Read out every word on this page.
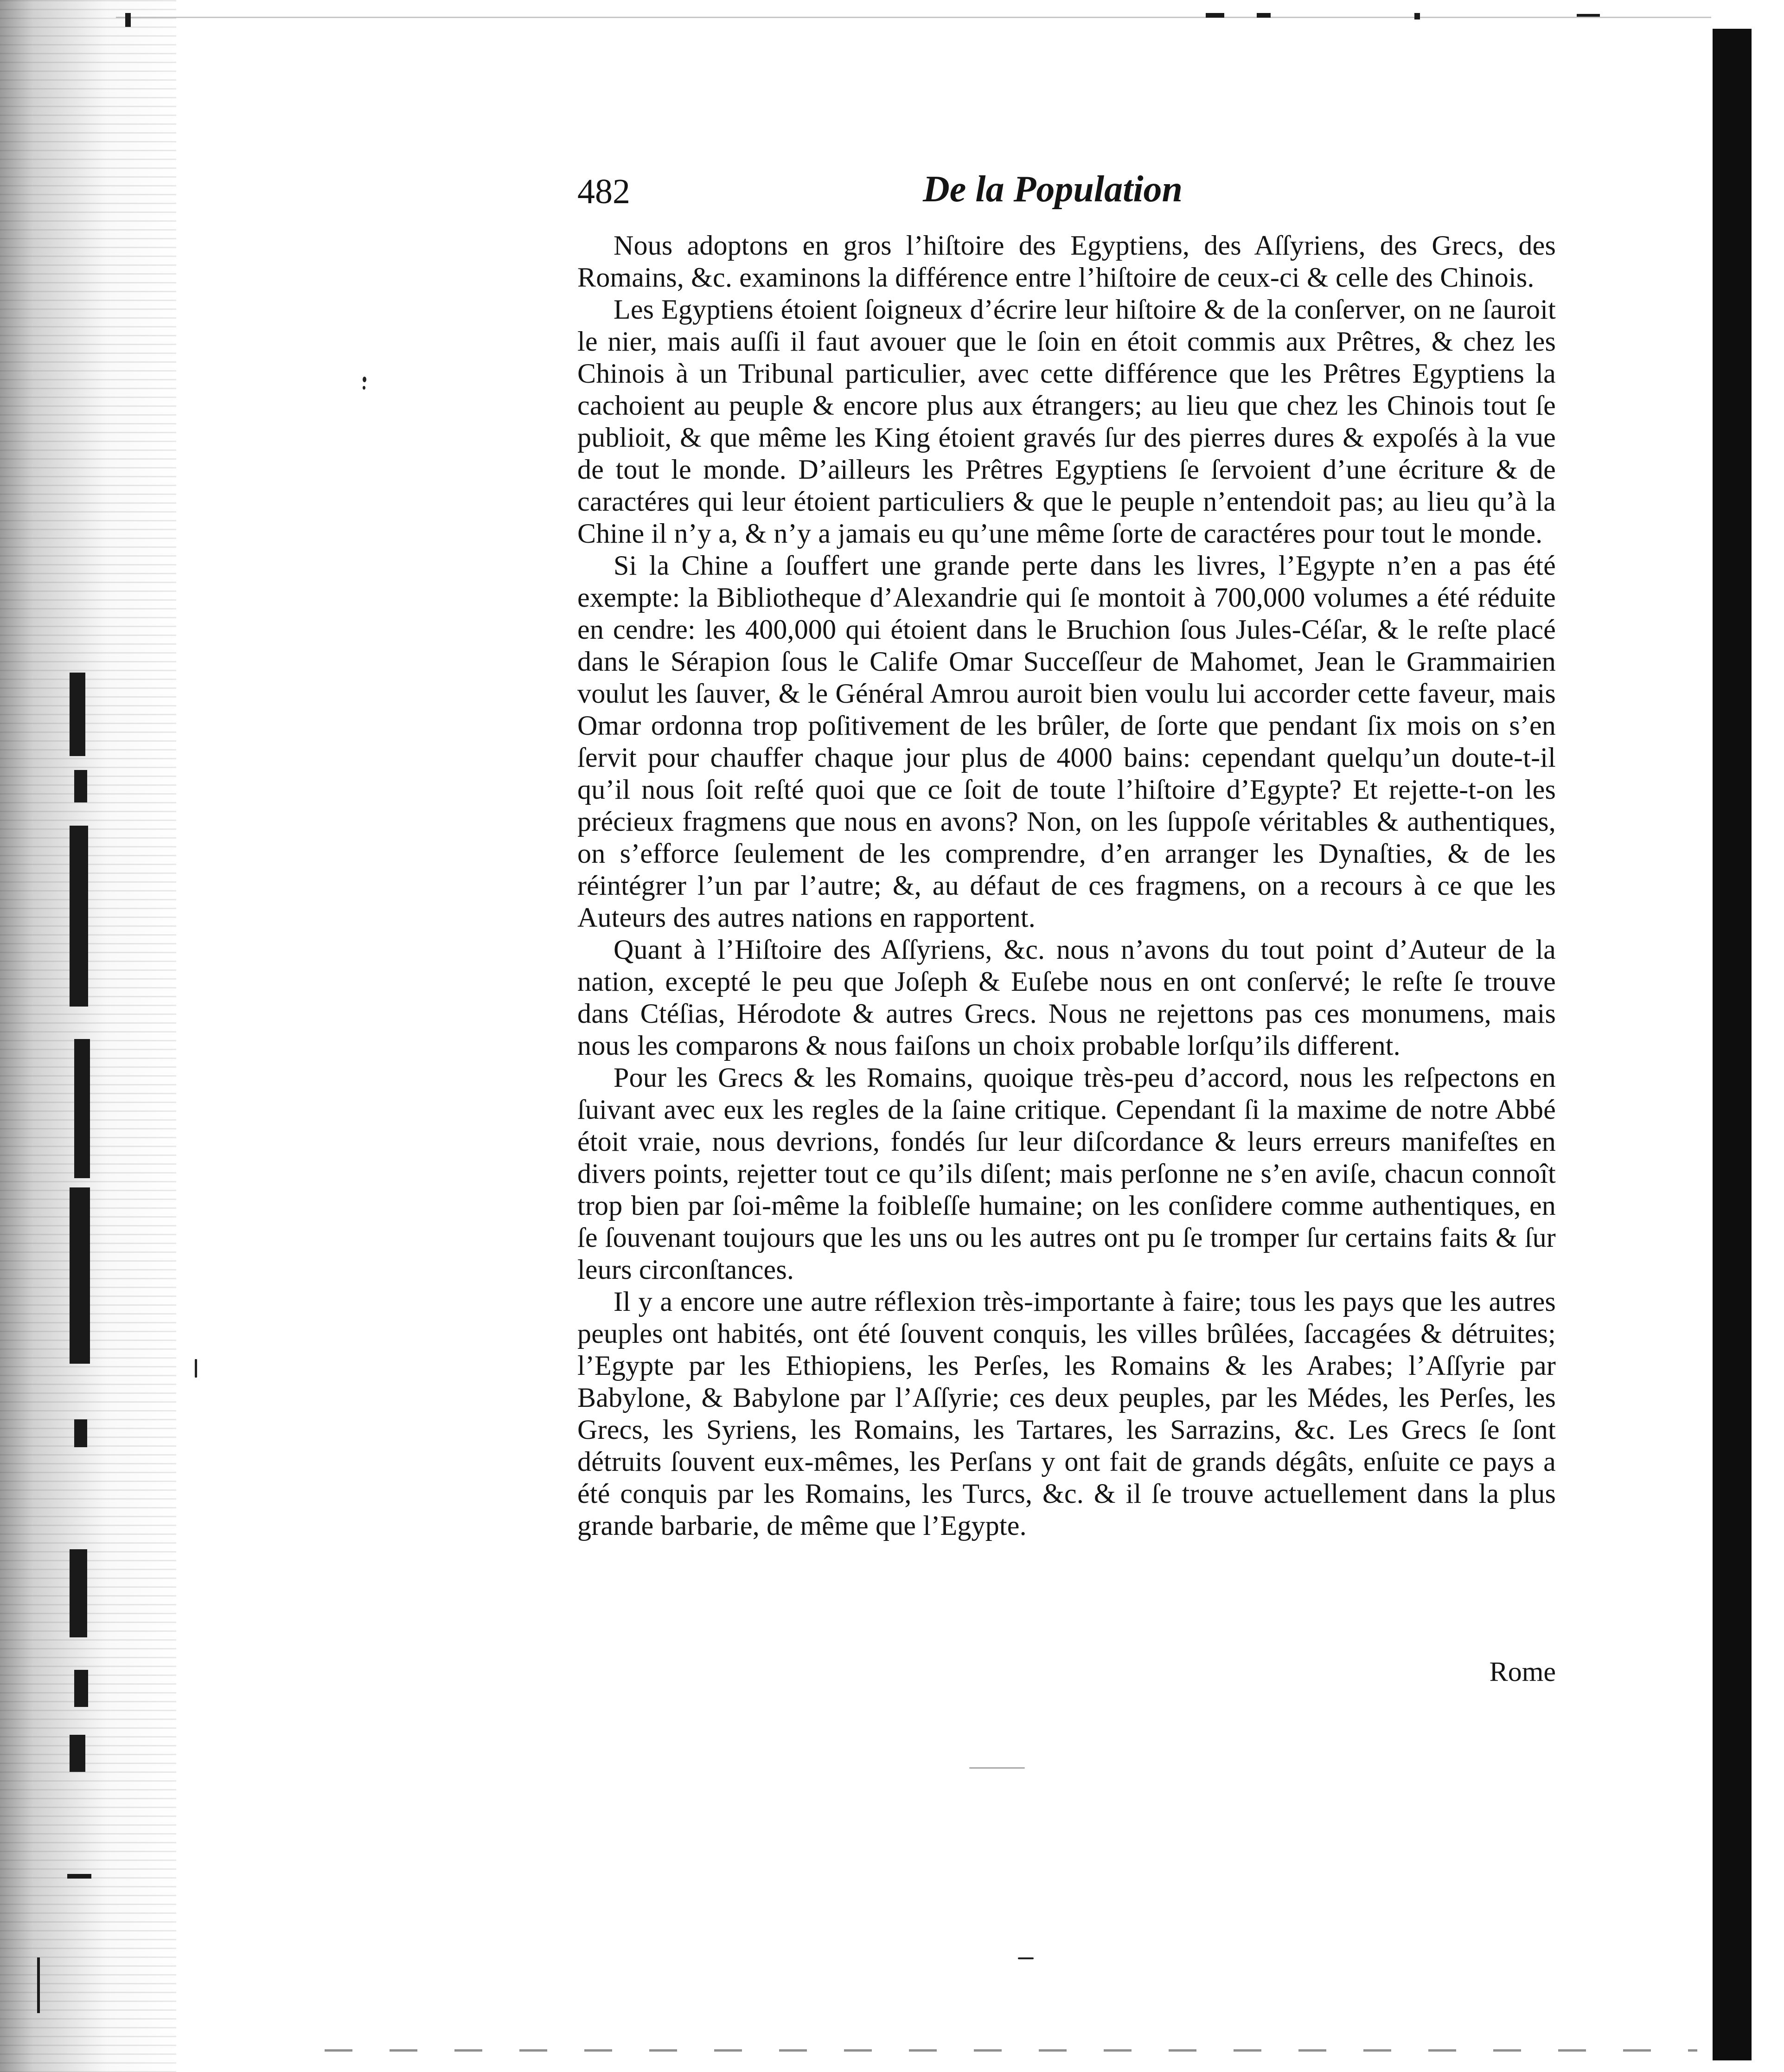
482	De la Population

Nous adoptons en gros l’hiſtoire des Egyptiens, des Aſſyriens, des Grecs, des Romains, &c. examinons la différence entre l’hiſtoire de ceux-ci & celle des Chinois.

Les Egyptiens étoient ſoigneux d’écrire leur hiſtoire & de la conſerver, on ne ſauroit le nier, mais auſſi il faut avouer que le ſoin en étoit commis aux Prêtres, & chez les Chinois à un Tribunal particulier, avec cette différence que les Prêtres Egyptiens la cachoient au peuple & encore plus aux étrangers; au lieu que chez les Chinois tout ſe publioit, & que même les King étoient gravés ſur des pierres dures & expoſés à la vue de tout le monde. D’ailleurs les Prêtres Egyptiens ſe ſervoient d’une écriture & de caractéres qui leur étoient particuliers & que le peuple n’entendoit pas; au lieu qu’à la Chine il n’y a, & n’y a jamais eu qu’une même ſorte de caractéres pour tout le monde.

Si la Chine a ſouffert une grande perte dans les livres, l’Egypte n’en a pas été exempte: la Bibliotheque d’Alexandrie qui ſe montoit à 700,000 volumes a été réduite en cendre: les 400,000 qui étoient dans le Bruchion ſous Jules-Céſar, & le reſte placé dans le Sérapion ſous le Calife Omar Succeſſeur de Mahomet, Jean le Grammairien voulut les ſauver, & le Général Amrou auroit bien voulu lui accorder cette faveur, mais Omar ordonna trop poſitivement de les brûler, de ſorte que pendant ſix mois on s’en ſervit pour chauffer chaque jour plus de 4000 bains: cependant quelqu’un doute-t-il qu’il nous ſoit reſté quoi que ce ſoit de toute l’hiſtoire d’Egypte? Et rejette-t-on les précieux fragmens que nous en avons? Non, on les ſuppoſe véritables & authentiques, on s’efforce ſeulement de les comprendre, d’en arranger les Dynaſties, & de les réintégrer l’un par l’autre; &, au défaut de ces fragmens, on a recours à ce que les Auteurs des autres nations en rapportent.

Quant à l’Hiſtoire des Aſſyriens, &c. nous n’avons du tout point d’Auteur de la nation, excepté le peu que Joſeph & Euſebe nous en ont conſervé; le reſte ſe trouve dans Ctéſias, Hérodote & autres Grecs. Nous ne rejettons pas ces monumens, mais nous les comparons & nous faiſons un choix probable lorſqu’ils different.

Pour les Grecs & les Romains, quoique très-peu d’accord, nous les reſpectons en ſuivant avec eux les regles de la ſaine critique. Cependant ſi la maxime de notre Abbé étoit vraie, nous devrions, fondés ſur leur diſcordance & leurs erreurs manifeſtes en divers points, rejetter tout ce qu’ils diſent; mais perſonne ne s’en aviſe, chacun connoît trop bien par ſoi-même la foibleſſe humaine; on les conſidere comme authentiques, en ſe ſouvenant toujours que les uns ou les autres ont pu ſe tromper ſur certains faits & ſur leurs circonſtances.

Il y a encore une autre réflexion très-importante à faire; tous les pays que les autres peuples ont habités, ont été ſouvent conquis, les villes brûlées, ſaccagées & détruites; l’Egypte par les Ethiopiens, les Perſes, les Romains & les Arabes; l’Aſſyrie par Babylone, & Babylone par l’Aſſyrie; ces deux peuples, par les Médes, les Perſes, les Grecs, les Syriens, les Romains, les Tartares, les Sarrazins, &c. Les Grecs ſe ſont détruits ſouvent eux-mêmes, les Perſans y ont fait de grands dégâts, enſuite ce pays a été conquis par les Romains, les Turcs, &c. & il ſe trouve actuellement dans la plus grande barbarie, de même que l’Egypte.

Rome
